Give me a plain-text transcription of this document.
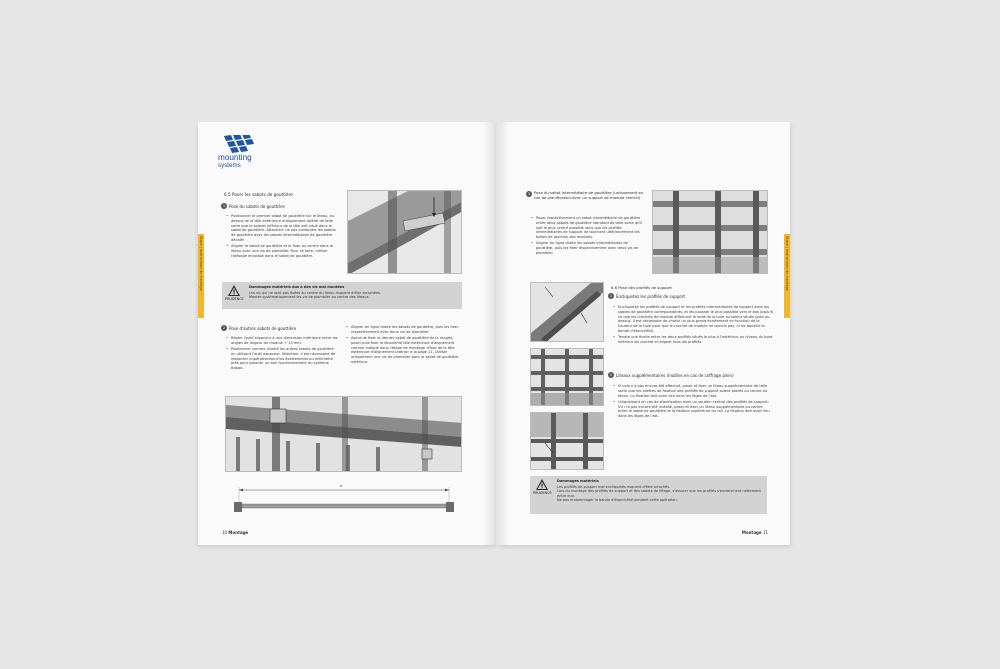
Étape | Instructions de montage
mounting
systems
6.5 Poser les sabots de gouttière
1 Pose du sabots de gouttière

• Positionner le premier sabot de gouttière sur le liteau, au-dessus de la tôle extérieure d'alignement latéral de telle sorte que le soleret inférieur de la tôle soit situé dans le sabot de gouttière. Attention: ne pas confondre les sabots de gouttière avec les sabots intermédiaires de gouttière décalé!

• Aligner le sabot de gouttière et le fixer au centre dans le liteau avec une vis de plomblier. Pour ce faire, utiliser l'alésage encoissé dans le sabot de gouttière.

PRUDENCE
Dommages matériels dus à des vis mal montées
Les vis qui ne sont pas fixées au centre du liteau risquent d'être arrachées.
Monter systématiquement les vis de plomblier au centre des liteaux.
2 Pose d'autres sabots de gouttière

• Régler l'outil espaceur à une dimension intérieure entre les angles de largeur du module + 13 mm.

• Positionner comme illustré les autres sabots de gouttière en utilisant l'outil espaceur. Attention: il est nécessaire de respecter impérativement les écartements au millimètre près pour garantir un bon fonctionnement du système Bappa.

• Aligner en ligne droite les sabots de gouttière, puis les fixer respectivement avec deux vis de plomblier.

• Avant de fixer le dernier sabot de gouttière de la rangée, poser puis fixer la deuxième tôle extérieure d'alignement comme indiqué dans l'étape de montage «Pose de la tôle extérieure d'alignement latéral» à la page 11. Utiliser uniquement une vis de plomblier pour le sabot de gouttière extérieur.

a
10 Montage
Étape | Instructions de montage
3	Pose du sabot intermédiaire de gouttière (uniquement en cas de planification avec un support de module central)

• Poser respectivement un sabot intermédiaire de gouttière entre deux sabots de gouttière standard de telle sorte qu'il soit le plus centré possible sans que les profilés intermédiaires de support ne touchent ultérieurement les boîtes de jonction des modules.

• Aligner en ligne droite les sabots intermédiaires de gouttière, puis les fixer respectivement avec deux vis de plomblier.

6.6 Pose des profilés de support
1 Encliquetez les profilés de support

• Encliquetez les profilés de support et les profilés intermédiaires de support dans les sabots de gouttière correspondants, et les pousser le plus possible vers le bas jusqu'à ce que les crochets de module affleurent le bord de la tuile ou soient situés juste au-dessus. Il est nécessaire de choisir un plus grand écartement en fonction de la hauteur de la tuile pour que le crochet de module ne touche pas, ni ne bousille la bande d'étanchéité.

• Tendre une ficelle entre les deux profilés situés le plus à l'extérieur au niveau du bord inférieur du crochet et aligner tous les profilés.

2 Liteaux supplémentaires (inutiles en cas de coffrage plein)

• Si cela n'a pas encore été effectué, poser et fixer un liteau supplémentaire de telle sorte que les ailettes de fixation des profilés de support soient placés au centre du liteau. La fixation doit avoir lieu dans les lèges de l'ast.

• Uniquement en cas de planification avec un soutien central des profilés de support: S'il n'a pas encore été installé, poser et fixer un liteau supplémentaire au centre entre le sabot de gouttière et la fixation supérieure du rail. La fixation doit avoir lieu dans les lèges de l'ast.

PRUDENCE
Dommages matériels
Les profilés de support mal encliquetés risquent d'être arrachés.
Lors du montage des profilés de support et des sabots de liftage, s'assurer que les profilés s'enclenchent nettement entre eux.
Ne pas endommager la bande d'étanchéité pendant cette opération.
Montage 11
